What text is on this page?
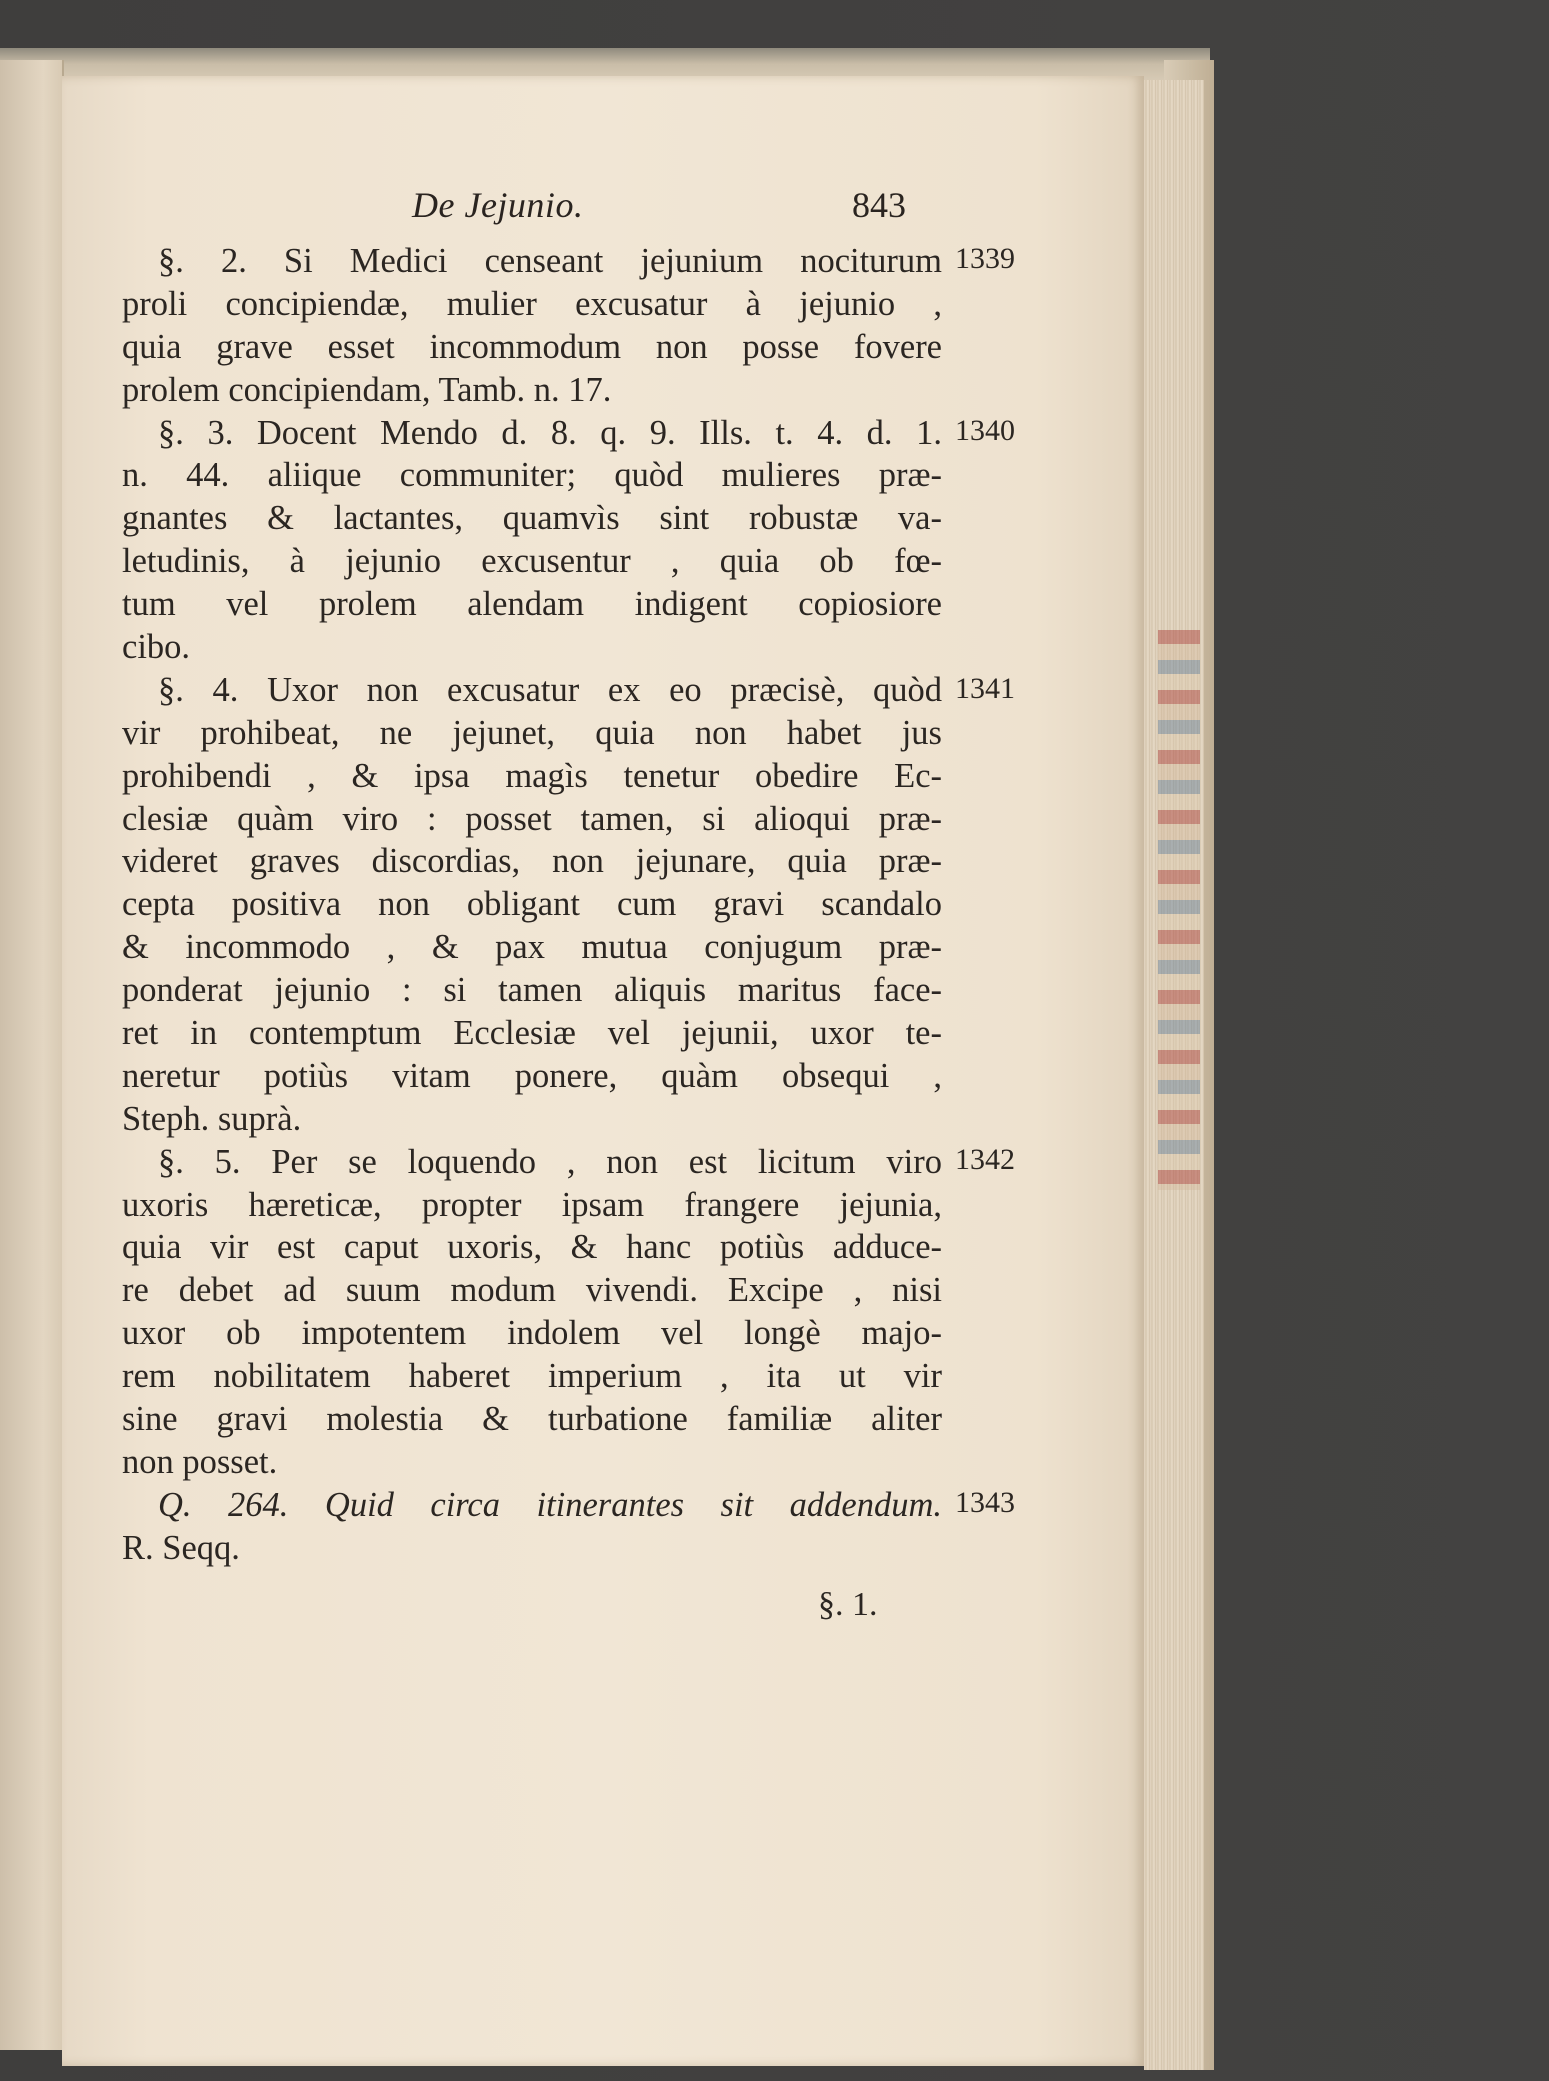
De Jejunio.	843
§. 2. Si Medici censeant jejunium nociturum
proli concipiendæ, mulier excusatur à jejunio ,
quia grave esset incommodum non posse fovere
prolem concipiendam, Tamb. n. 17.
§. 3. Docent Mendo d. 8. q. 9. Ills. t. 4. d. 1.
n. 44. aliique communiter; quòd mulieres præ-
gnantes & lactantes, quamvìs sint robustæ va-
letudinis, à jejunio excusentur , quia ob fœ-
tum vel prolem alendam indigent copiosiore
cibo.
§. 4. Uxor non excusatur ex eo præcisè, quòd
vir prohibeat, ne jejunet, quia non habet jus
prohibendi , & ipsa magìs tenetur obedire Ec-
clesiæ quàm viro : posset tamen, si alioqui præ-
videret graves discordias, non jejunare, quia præ-
cepta positiva non obligant cum gravi scandalo
& incommodo , & pax mutua conjugum præ-
ponderat jejunio : si tamen aliquis maritus face-
ret in contemptum Ecclesiæ vel jejunii, uxor te-
neretur potiùs vitam ponere, quàm obsequi ,
Steph. suprà.
§. 5. Per se loquendo , non est licitum viro
uxoris hæreticæ, propter ipsam frangere jejunia,
quia vir est caput uxoris, & hanc potiùs adduce-
re debet ad suum modum vivendi. Excipe , nisi
uxor ob impotentem indolem vel longè majo-
rem nobilitatem haberet imperium , ita ut vir
sine gravi molestia & turbatione familiæ aliter
non posset.
Q. 264. Quid circa itinerantes sit addendum.
R. Seqq.
1339
1340
1341
1342
1343
§. 1.
